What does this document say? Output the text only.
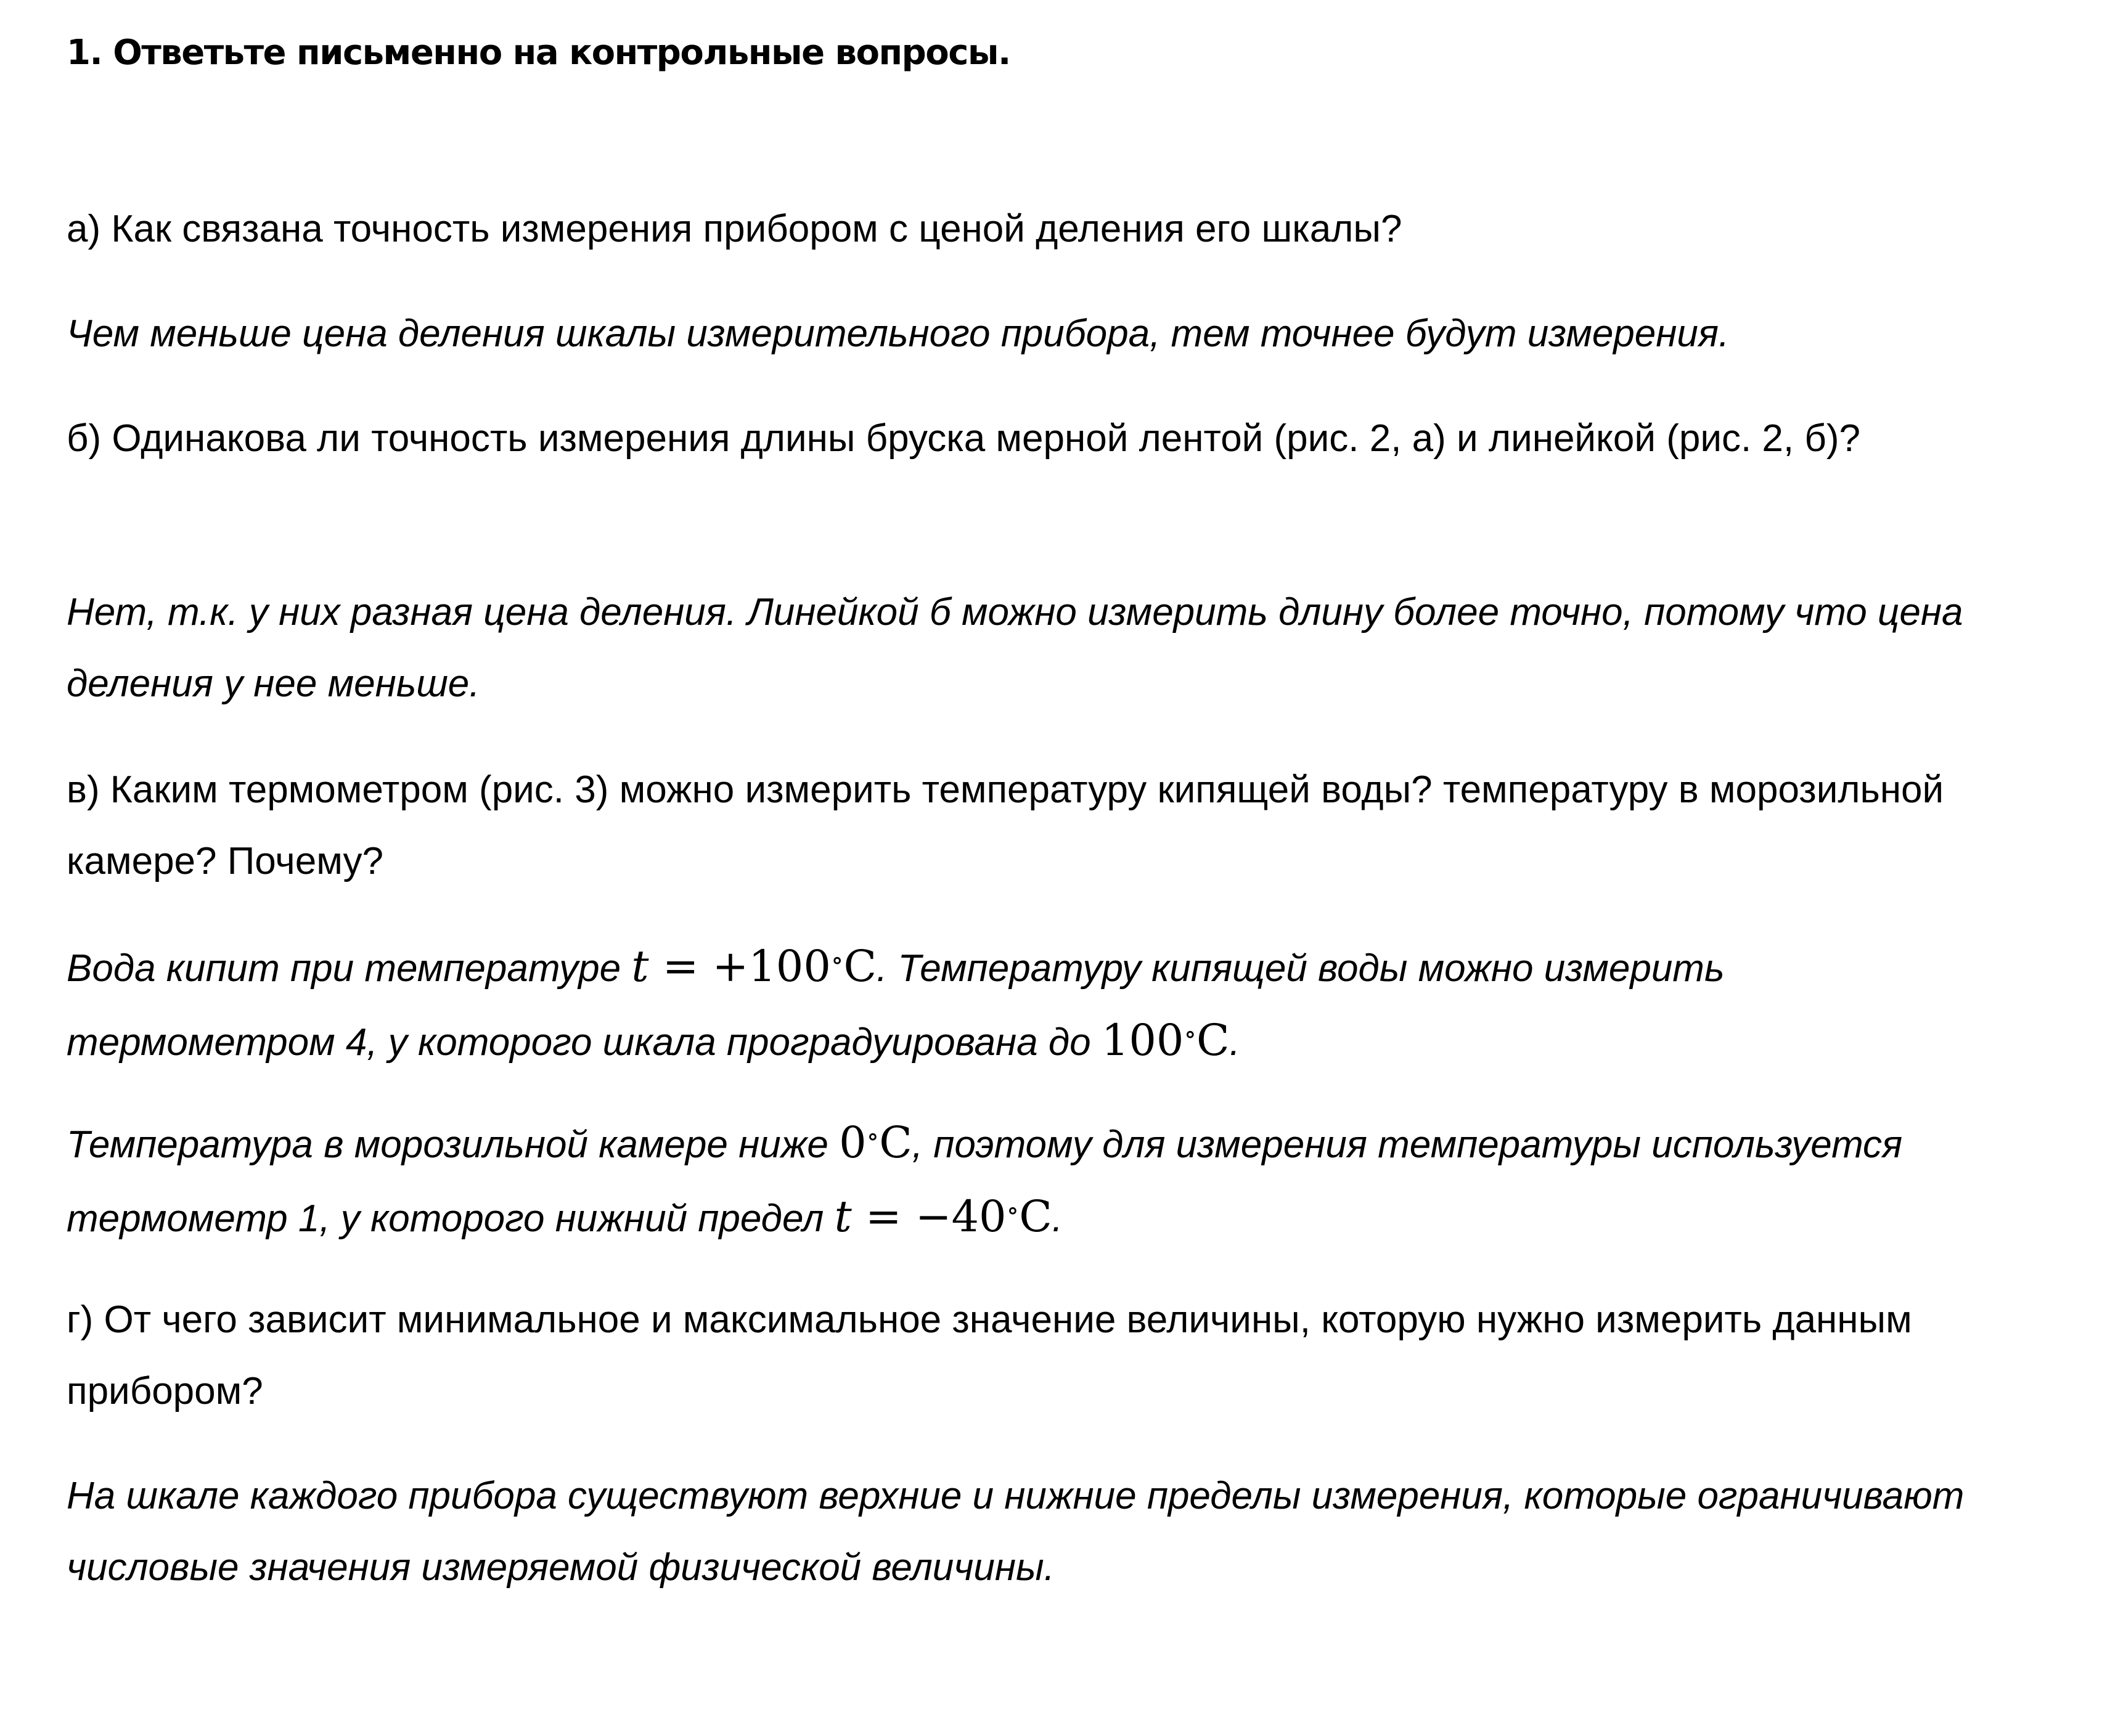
1. Ответьте письменно на контрольные вопросы.

а) Как связана точность измерения прибором с ценой деления его шкалы?

Чем меньше цена деления шкалы измерительного прибора, тем точнее будут измерения.

б) Одинакова ли точность измерения длины бруска мерной лентой (рис. 2, а) и линейкой (рис. 2, б)?

Нет, т.к. у них разная цена деления. Линейкой б можно измерить длину более точно, потому что цена деления у нее меньше.

в) Каким термометром (рис. 3) можно измерить температуру кипящей воды? температуру в морозильной камере? Почему?

Вода кипит при температуре t = +100∘C. Температуру кипящей воды можно измерить термометром 4, у которого шкала проградуирована до 100∘C.

Температура в морозильной камере ниже 0∘C, поэтому для измерения температуры используется термометр 1, у которого нижний предел t = −40∘C.

г) От чего зависит минимальное и максимальное значение величины, которую нужно измерить данным прибором?

На шкале каждого прибора существуют верхние и нижние пределы измерения, которые ограничивают числовые значения измеряемой физической величины.
